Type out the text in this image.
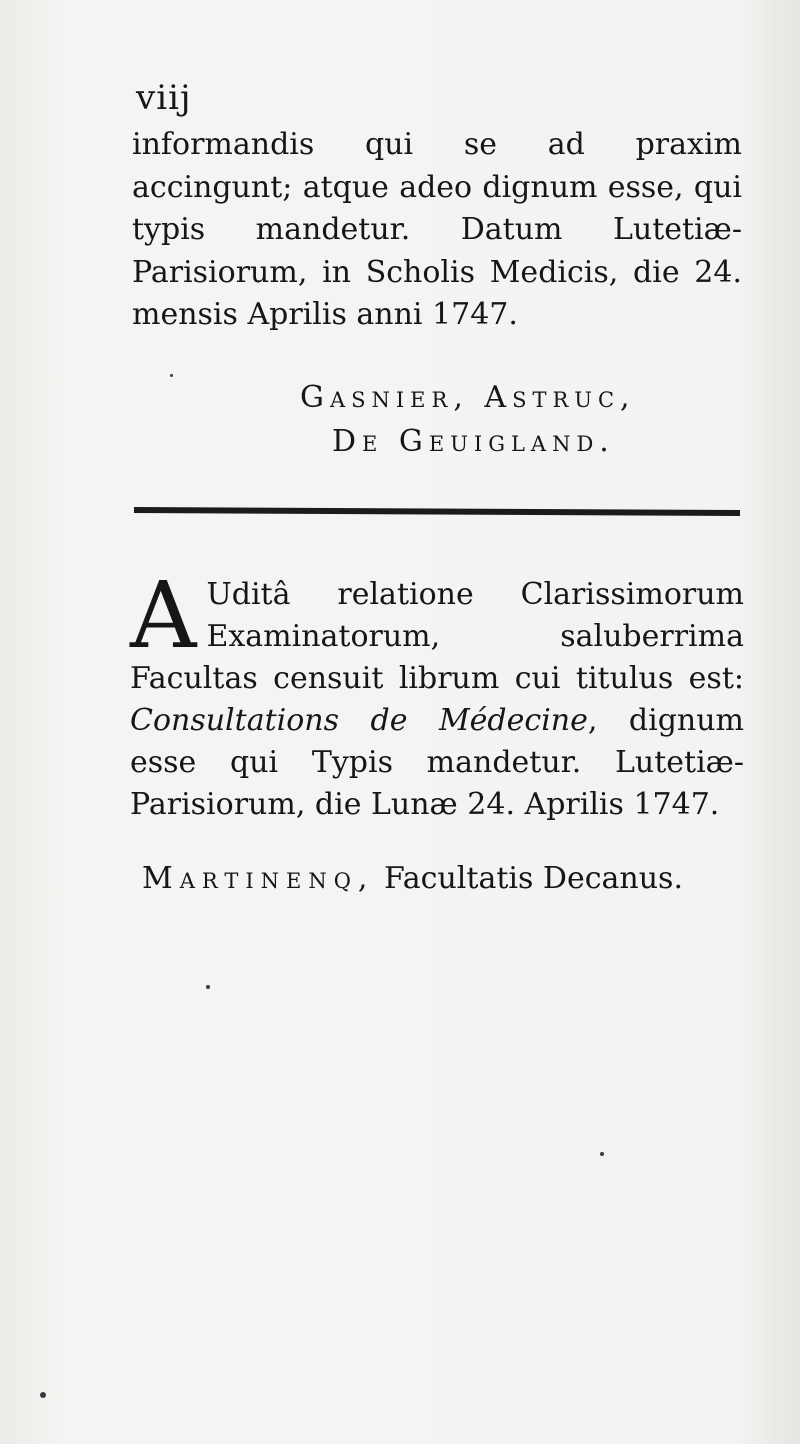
viij
informandis qui se ad praxim accingunt; atque adeo dignum esse, qui typis mandetur. Datum Lutetiæ-Parisiorum, in Scholis Medicis, die 24. mensis Aprilis anni 1747.
Gasnier, Astruc,
De Geuigland.
A Uditâ relatione Clarissimorum Examinatorum, saluberrima Facultas censuit librum cui titulus est: Consultations de Médecine, dignum esse qui Typis mandetur. Lutetiæ-Parisiorum, die Lunæ 24. Aprilis 1747.
Martinenq, Facultatis Decanus.
